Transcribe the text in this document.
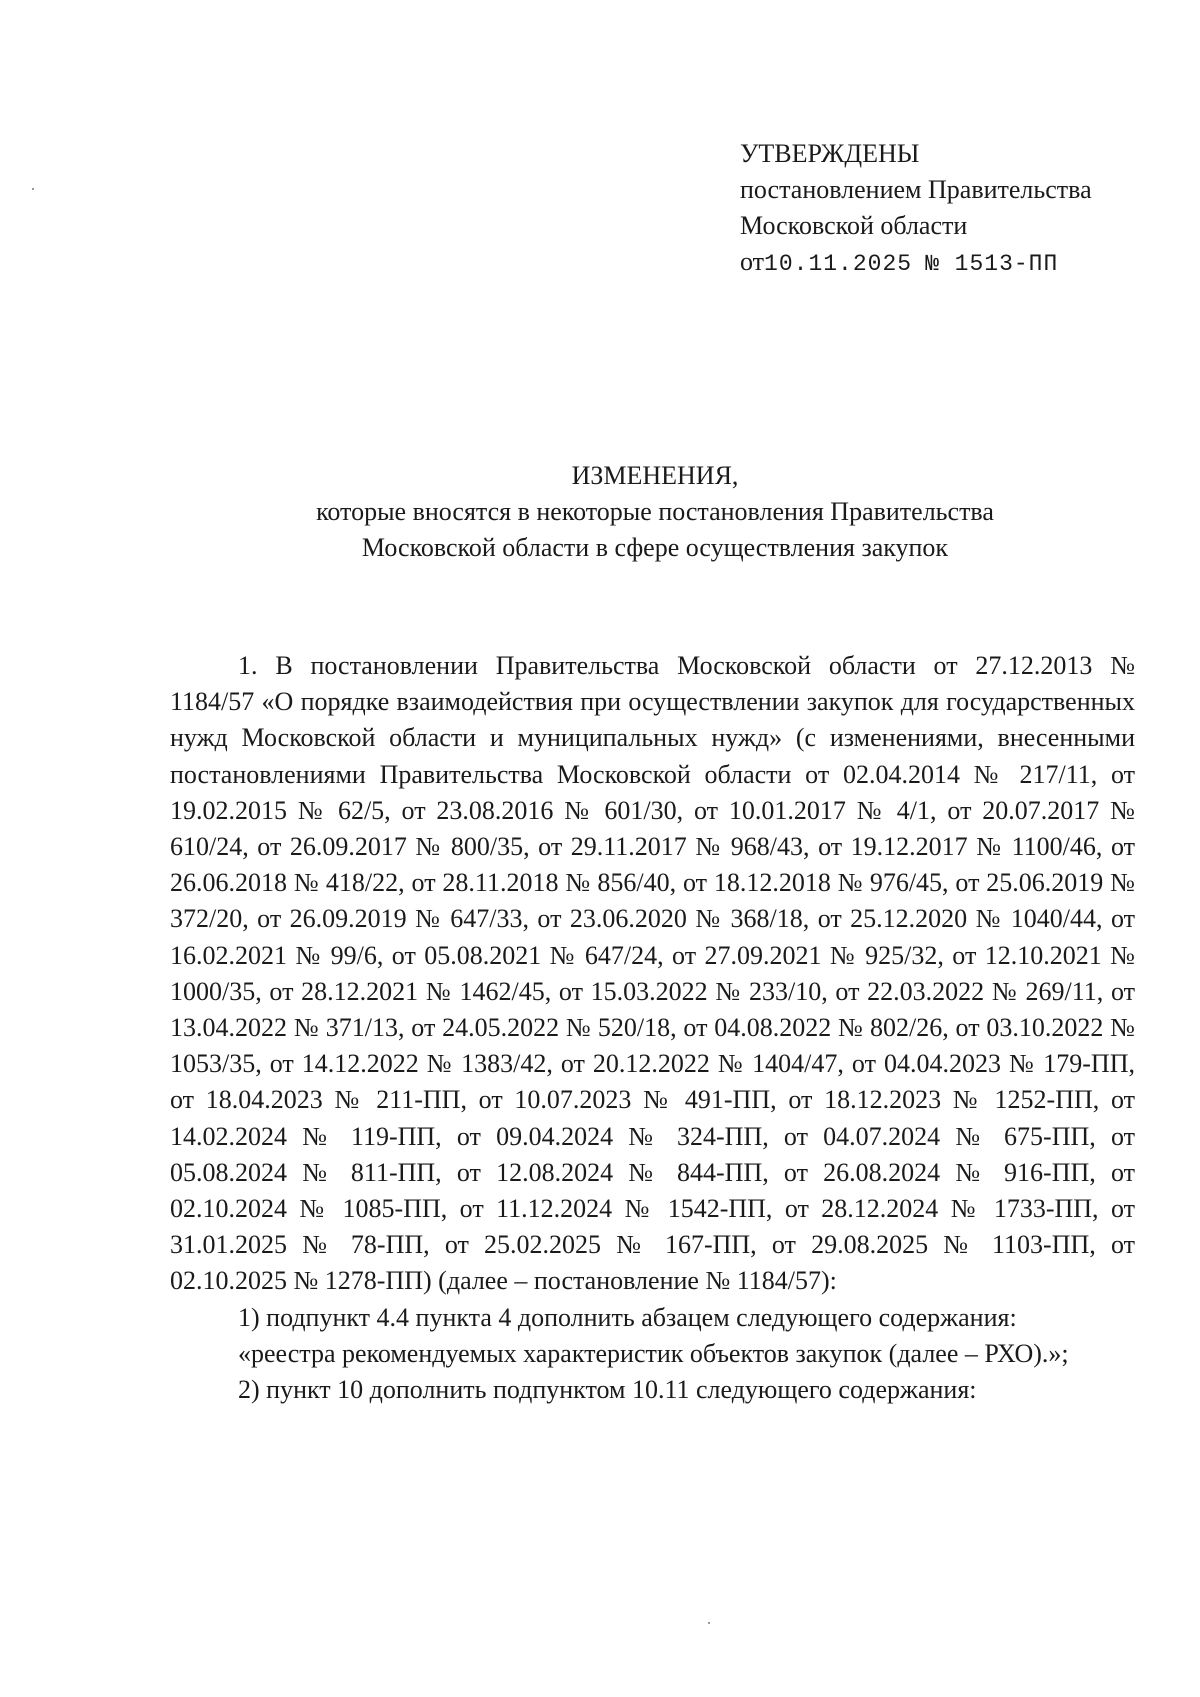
УТВЕРЖДЕНЫ
постановлением Правительства
Московской области
от10.11.2025 № 1513-ПП
ИЗМЕНЕНИЯ,
которые вносятся в некоторые постановления Правительства
Московской области в сфере осуществления закупок

1. В постановлении Правительства Московской области от 27.12.2013 № 1184/57 «О порядке взаимодействия при осуществлении закупок для государственных нужд Московской области и муниципальных нужд» (с изменениями, внесенными постановлениями Правительства Московской области от 02.04.2014 № 217/11, от 19.02.2015 № 62/5, от 23.08.2016 № 601/30, от 10.01.2017 № 4/1, от 20.07.2017 № 610/24, от 26.09.2017 № 800/35, от 29.11.2017 № 968/43, от 19.12.2017 № 1100/46, от 26.06.2018 № 418/22, от 28.11.2018 № 856/40, от 18.12.2018 № 976/45, от 25.06.2019 № 372/20, от 26.09.2019 № 647/33, от 23.06.2020 № 368/18, от 25.12.2020 № 1040/44, от 16.02.2021 № 99/6, от 05.08.2021 № 647/24, от 27.09.2021 № 925/32, от 12.10.2021 № 1000/35, от 28.12.2021 № 1462/45, от 15.03.2022 № 233/10, от 22.03.2022 № 269/11, от 13.04.2022 № 371/13, от 24.05.2022 № 520/18, от 04.08.2022 № 802/26, от 03.10.2022 № 1053/35, от 14.12.2022 № 1383/42, от 20.12.2022 № 1404/47, от 04.04.2023 № 179-ПП, от 18.04.2023 № 211-ПП, от 10.07.2023 № 491-ПП, от 18.12.2023 № 1252-ПП, от 14.02.2024 № 119-ПП, от 09.04.2024 № 324-ПП, от 04.07.2024 № 675-ПП, от 05.08.2024 № 811-ПП, от 12.08.2024 № 844-ПП, от 26.08.2024 № 916-ПП, от 02.10.2024 № 1085-ПП, от 11.12.2024 № 1542-ПП, от 28.12.2024 № 1733-ПП, от 31.01.2025 № 78-ПП, от 25.02.2025 № 167-ПП, от 29.08.2025 № 1103-ПП, от 02.10.2025 № 1278-ПП) (далее – постановление № 1184/57):

1) подпункт 4.4 пункта 4 дополнить абзацем следующего содержания:

«реестра рекомендуемых характеристик объектов закупок (далее – РХО).»;

2) пункт 10 дополнить подпунктом 10.11 следующего содержания:
